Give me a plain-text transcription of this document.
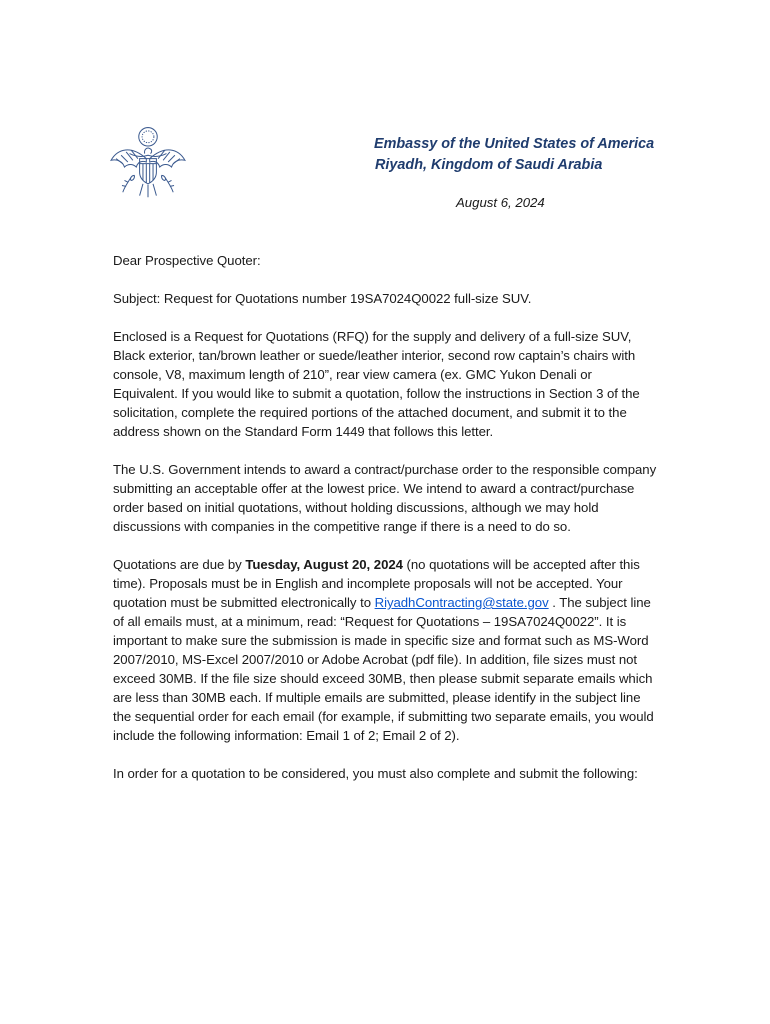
Embassy of the United States of America
Riyadh, Kingdom of Saudi Arabia
August 6, 2024

Dear Prospective Quoter:

Subject: Request for Quotations number 19SA7024Q0022 full-size SUV.

Enclosed is a Request for Quotations (RFQ) for the supply and delivery of a full-size SUV, Black exterior, tan/brown leather or suede/leather interior, second row captain’s chairs with console, V8, maximum length of 210”, rear view camera (ex. GMC Yukon Denali or Equivalent. If you would like to submit a quotation, follow the instructions in Section 3 of the solicitation, complete the required portions of the attached document, and submit it to the address shown on the Standard Form 1449 that follows this letter.

The U.S. Government intends to award a contract/purchase order to the responsible company submitting an acceptable offer at the lowest price. We intend to award a contract/purchase order based on initial quotations, without holding discussions, although we may hold discussions with companies in the competitive range if there is a need to do so.

Quotations are due by Tuesday, August 20, 2024 (no quotations will be accepted after this time). Proposals must be in English and incomplete proposals will not be accepted. Your quotation must be submitted electronically to RiyadhContracting@state.gov . The subject line of all emails must, at a minimum, read: “Request for Quotations – 19SA7024Q0022”. It is important to make sure the submission is made in specific size and format such as MS-Word 2007/2010, MS-Excel 2007/2010 or Adobe Acrobat (pdf file). In addition, file sizes must not exceed 30MB. If the file size should exceed 30MB, then please submit separate emails which are less than 30MB each. If multiple emails are submitted, please identify in the subject line the sequential order for each email (for example, if submitting two separate emails, you would include the following information: Email 1 of 2; Email 2 of 2).

In order for a quotation to be considered, you must also complete and submit the following:
